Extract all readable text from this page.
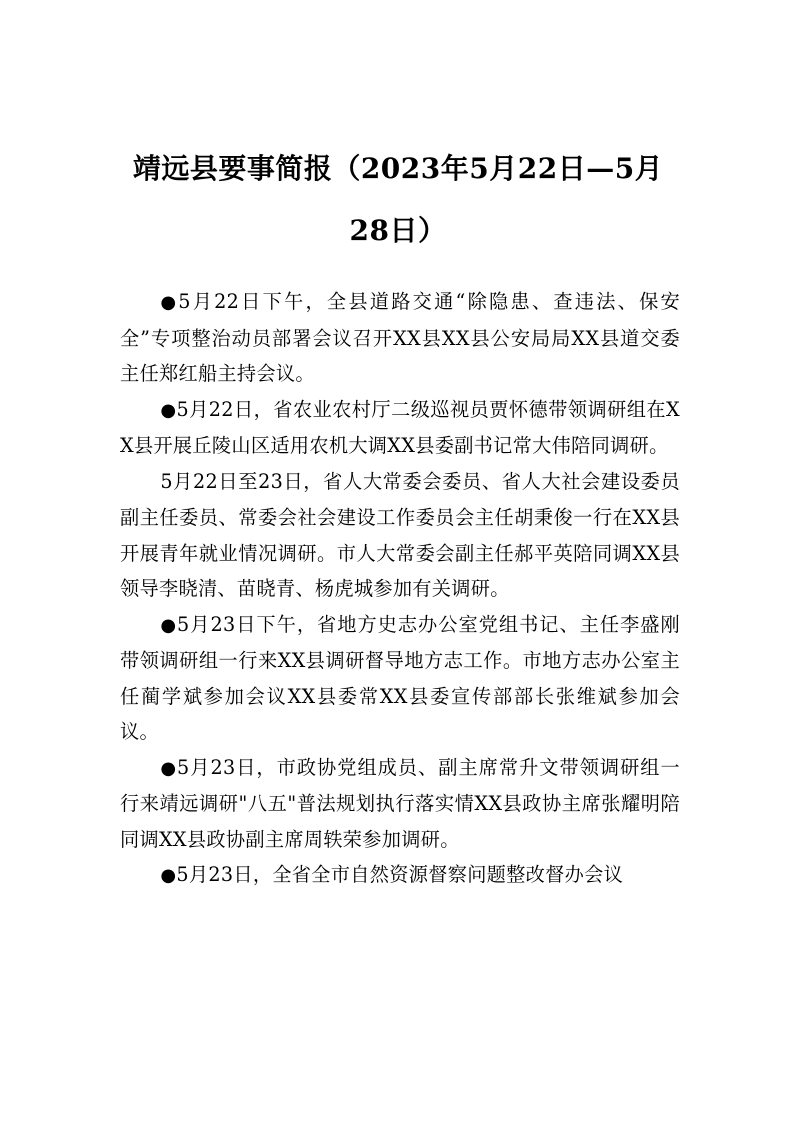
靖远县要事简报（2023年5月22日—5月28日）

●5月22日下午，全县道路交通“除隐患、查违法、保安全”专项整治动员部署会议召开XX县XX县公安局局XX县道交委主任郑红船主持会议。

●5月22日，省农业农村厅二级巡视员贾怀德带领调研组在XX县开展丘陵山区适用农机大调XX县委副书记常大伟陪同调研。

5月22日至23日，省人大常委会委员、省人大社会建设委员副主任委员、常委会社会建设工作委员会主任胡秉俊一行在XX县开展青年就业情况调研。市人大常委会副主任郝平英陪同调XX县领导李晓清、苗晓青、杨虎城参加有关调研。

●5月23日下午，省地方史志办公室党组书记、主任李盛刚带领调研组一行来XX县调研督导地方志工作。市地方志办公室主任蔺学斌参加会议XX县委常XX县委宣传部部长张维斌参加会议。

●5月23日，市政协党组成员、副主席常升文带领调研组一行来靖远调研"八五"普法规划执行落实情XX县政协主席张耀明陪同调XX县政协副主席周轶荣参加调研。

●5月23日，全省全市自然资源督察问题整改督办会议
